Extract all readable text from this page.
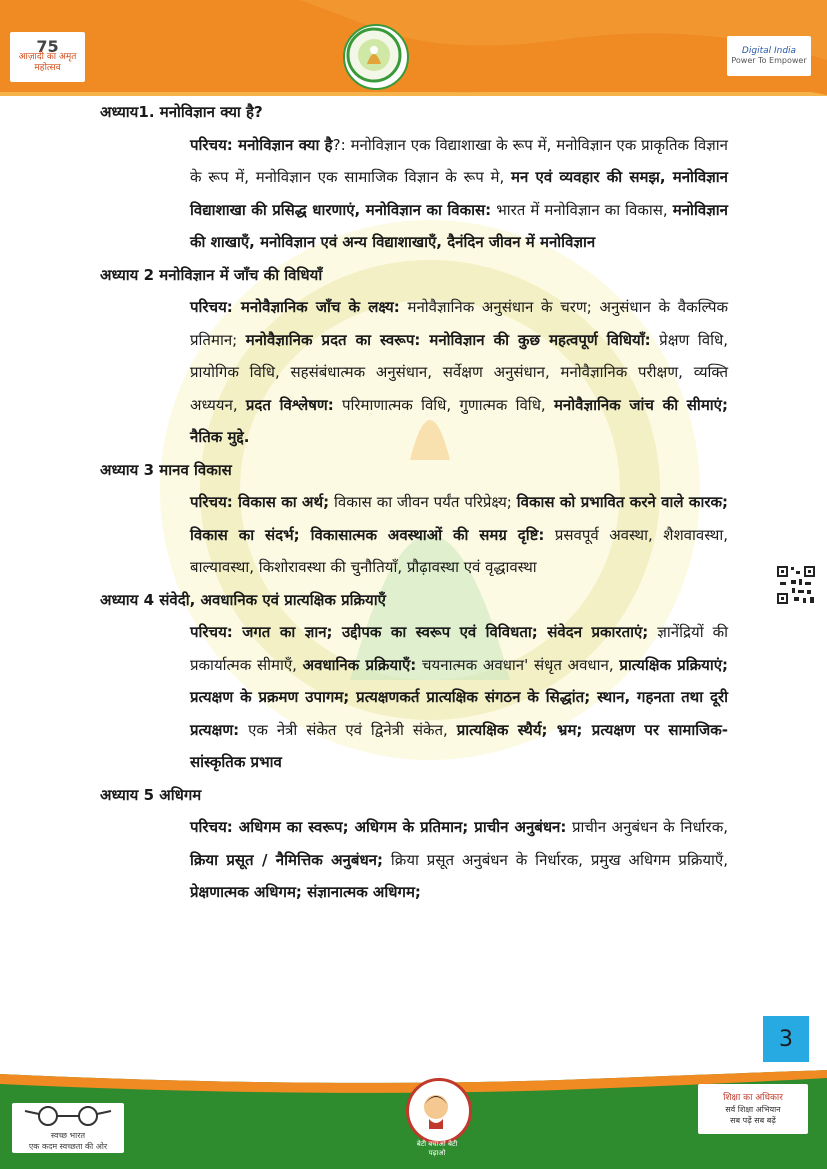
75
आज़ादी का अमृत महोत्सव
Digital India
Power To Empower

अध्याय1. मनोविज्ञान क्या है?

परिचय: मनोविज्ञान क्या है?: मनोविज्ञान एक विद्याशाखा के रूप में, मनोविज्ञान एक प्राकृतिक विज्ञान के रूप में, मनोविज्ञान एक सामाजिक विज्ञान के रूप मे, मन एवं व्यवहार की समझ, मनोविज्ञान विद्याशाखा की प्रसिद्ध धारणाएं, मनोविज्ञान का विकास: भारत में मनोविज्ञान का विकास, मनोविज्ञान की शाखाएँ, मनोविज्ञान एवं अन्य विद्याशाखाएँ, दैनंदिन जीवन में मनोविज्ञान

अध्याय 2 मनोविज्ञान में जाँच की विधियाँ

परिचय: मनोवैज्ञानिक जाँच के लक्ष्य: मनोवैज्ञानिक अनुसंधान के चरण; अनुसंधान के वैकल्पिक प्रतिमान; मनोवैज्ञानिक प्रदत का स्वरूप: मनोविज्ञान की कुछ महत्वपूर्ण विधियाँ: प्रेक्षण विधि, प्रायोगिक विधि, सहसंबंधात्मक अनुसंधान, सर्वेक्षण अनुसंधान, मनोवैज्ञानिक परीक्षण, व्यक्ति अध्ययन, प्रदत विश्लेषण: परिमाणात्मक विधि, गुणात्मक विधि, मनोवैज्ञानिक जांच की सीमाएं; नैतिक मुद्दे.

अध्याय 3 मानव विकास

परिचय: विकास का अर्थ; विकास का जीवन पर्यंत परिप्रेक्ष्य; विकास को प्रभावित करने वाले कारक; विकास का संदर्भ; विकासात्मक अवस्थाओं की समग्र दृष्टि: प्रसवपूर्व अवस्था, शैशवावस्था, बाल्यावस्था, किशोरावस्था की चुनौतियाँ, प्रौढ़ावस्था एवं वृद्धावस्था

अध्याय 4 संवेदी, अवधानिक एवं प्रात्यक्षिक प्रक्रियाएँ

परिचय: जगत का ज्ञान; उद्दीपक का स्वरूप एवं विविधता; संवेदन प्रकारताएं; ज्ञानेंद्रियों की प्रकार्यात्मक सीमाएँ, अवधानिक प्रक्रियाएँ: चयनात्मक अवधान' संधृत अवधान, प्रात्यक्षिक प्रक्रियाएं; प्रत्यक्षण के प्रक्रमण उपागम; प्रत्यक्षणकर्त प्रात्यक्षिक संगठन के सिद्धांत; स्थान, गहनता तथा दूरी प्रत्यक्षण: एक नेत्री संकेत एवं द्विनेत्री संकेत, प्रात्यक्षिक स्थैर्य; भ्रम; प्रत्यक्षण पर सामाजिक-सांस्कृतिक प्रभाव

अध्याय 5 अधिगम

परिचय: अधिगम का स्वरूप; अधिगम के प्रतिमान; प्राचीन अनुबंधन: प्राचीन अनुबंधन के निर्धारक, क्रिया प्रसूत / नैमित्तिक अनुबंधन; क्रिया प्रसूत अनुबंधन के निर्धारक, प्रमुख अधिगम प्रक्रियाएँ, प्रेक्षणात्मक अधिगम; संज्ञानात्मक अधिगम;

3
स्वच्छ भारत
एक कदम स्वच्छता की ओर	बेटी बचाओ बेटी पढ़ाओ
शिक्षा का अधिकार
सर्व शिक्षा अभियान
सब पढ़ें सब बढ़ें
